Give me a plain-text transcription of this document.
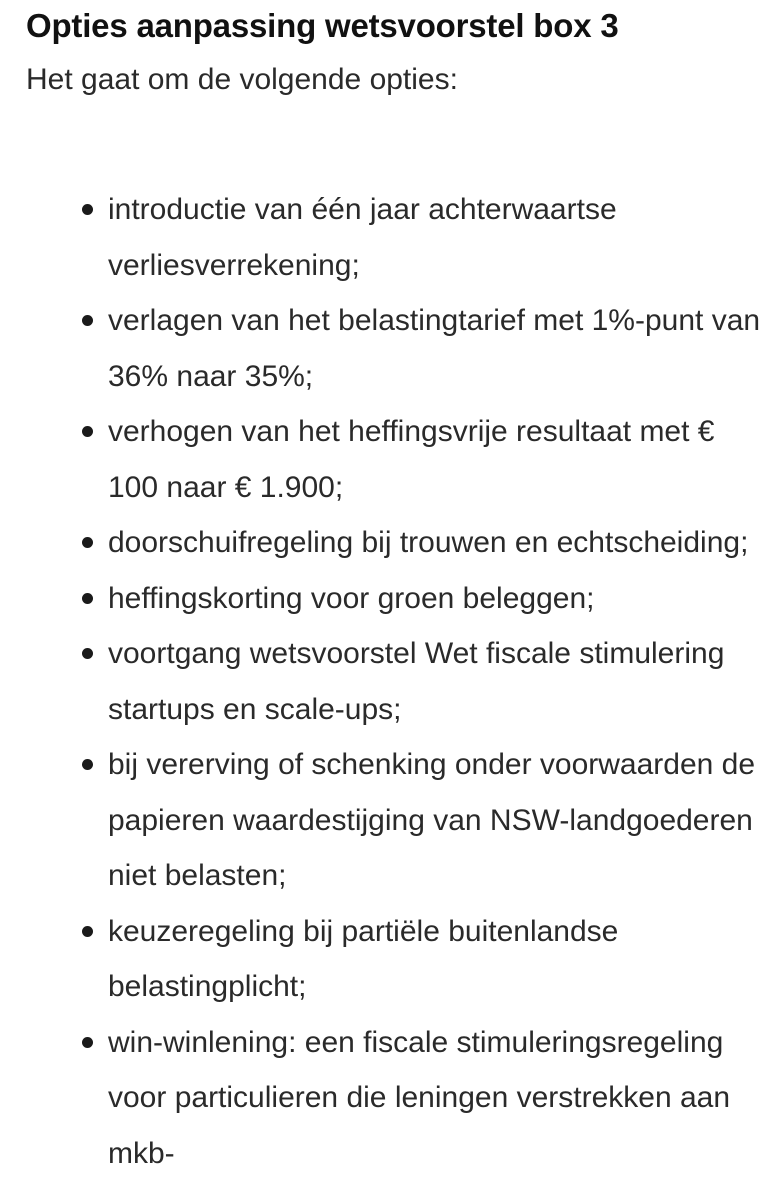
Opties aanpassing wetsvoorstel box 3

Het gaat om de volgende opties:

introductie van één jaar achterwaartse verliesverrekening;
verlagen van het belastingtarief met 1%-punt van 36% naar 35%;
verhogen van het heffingsvrije resultaat met € 100 naar € 1.900;
doorschuifregeling bij trouwen en echtscheiding;
heffingskorting voor groen beleggen;
voortgang wetsvoorstel Wet fiscale stimulering startups en scale-ups;
bij vererving of schenking onder voorwaarden de papieren waardestijging van NSW-landgoederen niet belasten;
keuzeregeling bij partiële buitenlandse belastingplicht;
win-winlening: een fiscale stimuleringsregeling voor particulieren die leningen verstrekken aan mkb-
